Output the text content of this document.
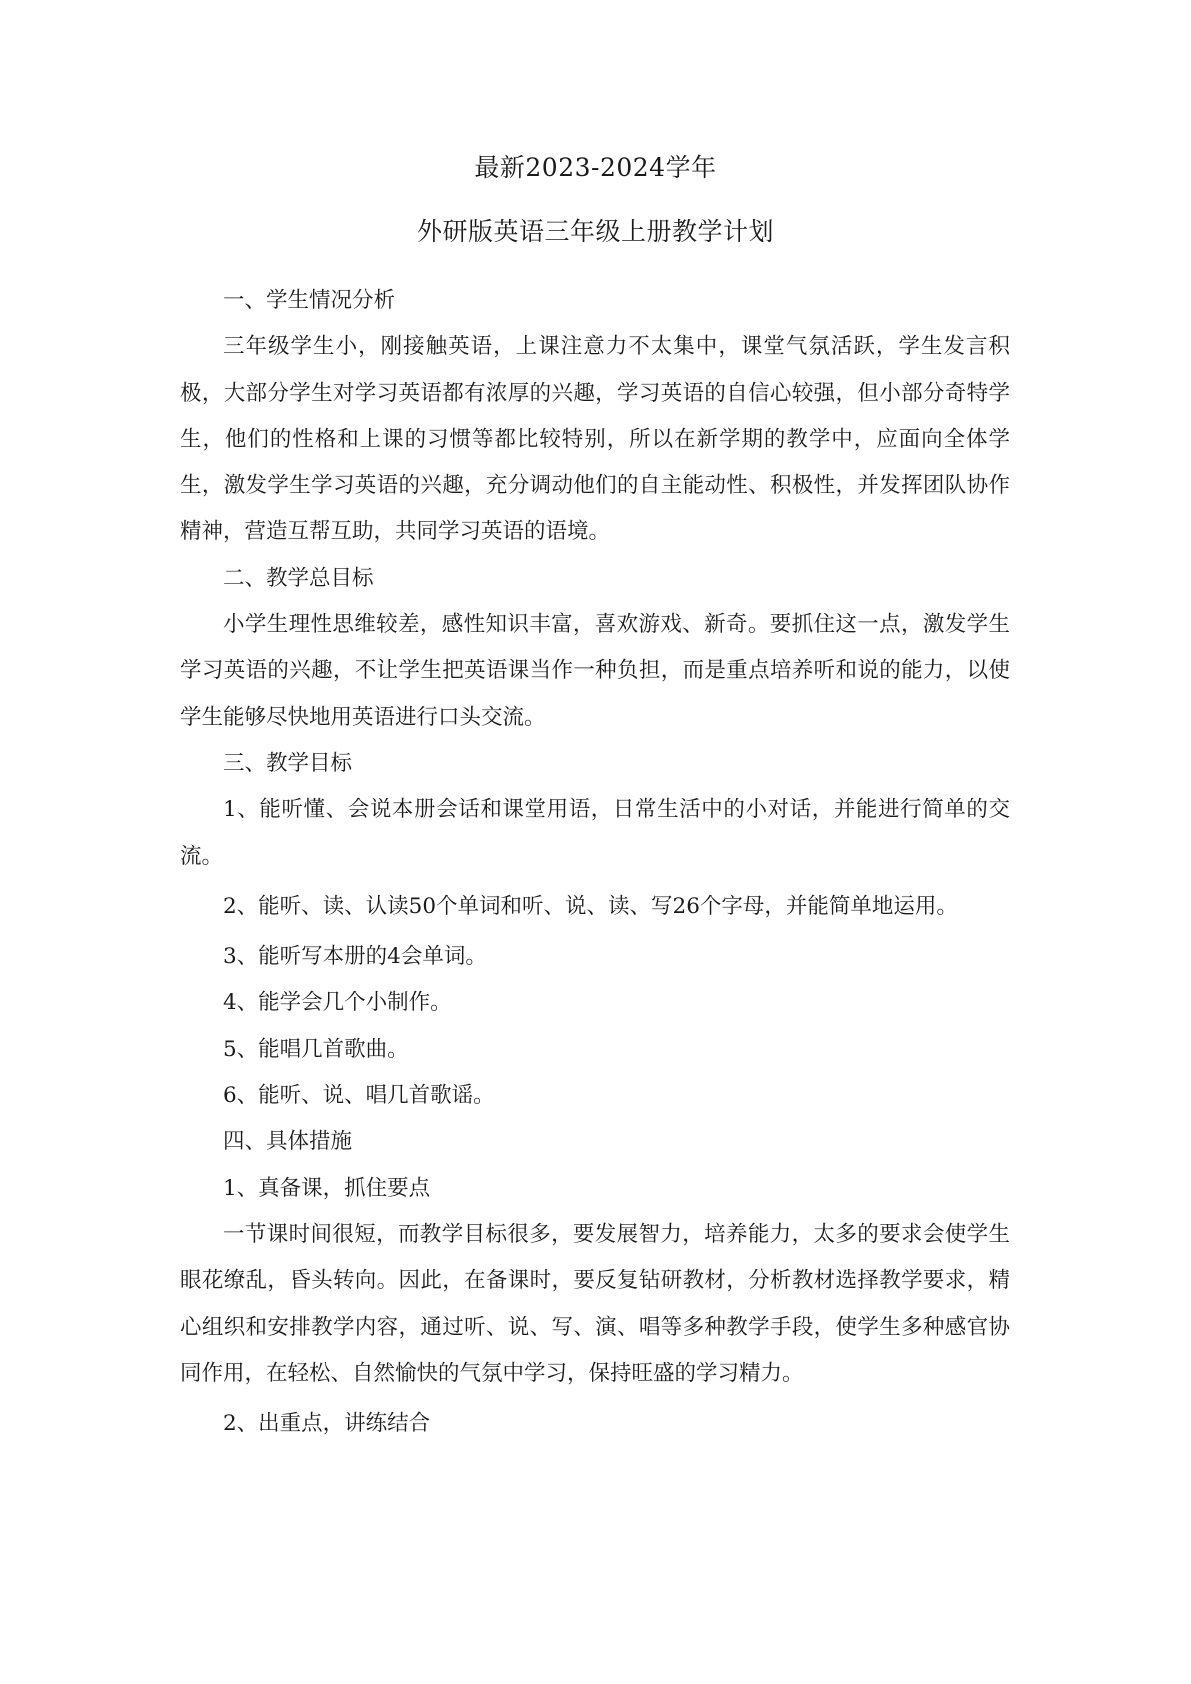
最新2023-2024学年
外研版英语三年级上册教学计划

一、学生情况分析

三年级学生小，刚接触英语，上课注意力不太集中，课堂气氛活跃，学生发言积极，大部分学生对学习英语都有浓厚的兴趣，学习英语的自信心较强，但小部分奇特学生，他们的性格和上课的习惯等都比较特别，所以在新学期的教学中，应面向全体学生，激发学生学习英语的兴趣，充分调动他们的自主能动性、积极性，并发挥团队协作精神，营造互帮互助，共同学习英语的语境。

二、教学总目标

小学生理性思维较差，感性知识丰富，喜欢游戏、新奇。要抓住这一点，激发学生学习英语的兴趣，不让学生把英语课当作一种负担，而是重点培养听和说的能力，以使学生能够尽快地用英语进行口头交流。

三、教学目标

1、能听懂、会说本册会话和课堂用语，日常生活中的小对话，并能进行简单的交流。

2、能听、读、认读50个单词和听、说、读、写26个字母，并能简单地运用。

3、能听写本册的4会单词。

4、能学会几个小制作。

5、能唱几首歌曲。

6、能听、说、唱几首歌谣。

四、具体措施

1、真备课，抓住要点

一节课时间很短，而教学目标很多，要发展智力，培养能力，太多的要求会使学生眼花缭乱，昏头转向。因此，在备课时，要反复钻研教材，分析教材选择教学要求，精心组织和安排教学内容，通过听、说、写、演、唱等多种教学手段，使学生多种感官协同作用，在轻松、自然愉快的气氛中学习，保持旺盛的学习精力。

2、出重点，讲练结合
